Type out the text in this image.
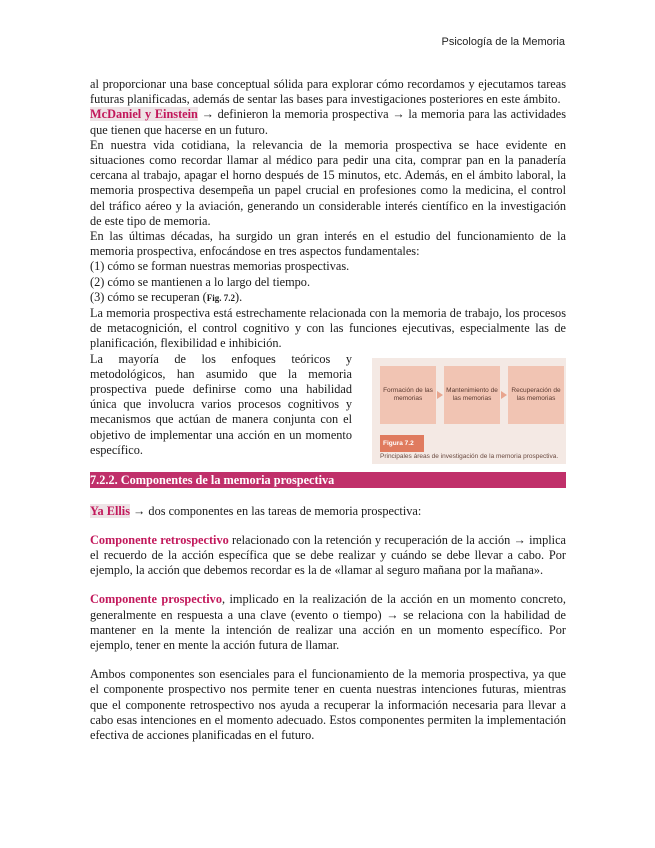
Psicología de la Memoria

al proporcionar una base conceptual sólida para explorar cómo recordamos y ejecutamos tareas futuras planificadas, además de sentar las bases para investigaciones posteriores en este ámbito.

McDaniel y Einstein → definieron la memoria prospectiva → la memoria para las actividades que tienen que hacerse en un futuro.

En nuestra vida cotidiana, la relevancia de la memoria prospectiva se hace evidente en situaciones como recordar llamar al médico para pedir una cita, comprar pan en la panadería cercana al trabajo, apagar el horno después de 15 minutos, etc. Además, en el ámbito laboral, la memoria prospectiva desempeña un papel crucial en profesiones como la medicina, el control del tráfico aéreo y la aviación, generando un considerable interés científico en la investigación de este tipo de memoria.

En las últimas décadas, ha surgido un gran interés en el estudio del funcionamiento de la memoria prospectiva, enfocándose en tres aspectos fundamentales:

(1) cómo se forman nuestras memorias prospectivas.

(2) cómo se mantienen a lo largo del tiempo.

(3) cómo se recuperan (Fig. 7.2).

La memoria prospectiva está estrechamente relacionada con la memoria de trabajo, los procesos de metacognición, el control cognitivo y con las funciones ejecutivas, especialmente las de planificación, flexibilidad e inhibición.

La mayoría de los enfoques teóricos y metodológicos, han asumido que la memoria prospectiva puede definirse como una habilidad única que involucra varios procesos cognitivos y mecanismos que actúan de manera conjunta con el objetivo de implementar una acción en un momento específico.

Formación de las memorias
Mantenimiento de las memorias
Recuperación de las memorias
Figura 7.2
Principales áreas de investigación de la memoria prospectiva.
7.2.2. Componentes de la memoria prospectiva

Ya Ellis → dos componentes en las tareas de memoria prospectiva:

Componente retrospectivo relacionado con la retención y recuperación de la acción → implica el recuerdo de la acción específica que se debe realizar y cuándo se debe llevar a cabo. Por ejemplo, la acción que debemos recordar es la de «llamar al seguro mañana por la mañana».

Componente prospectivo, implicado en la realización de la acción en un momento concreto, generalmente en respuesta a una clave (evento o tiempo) → se relaciona con la habilidad de mantener en la mente la intención de realizar una acción en un momento específico. Por ejemplo, tener en mente la acción futura de llamar.

Ambos componentes son esenciales para el funcionamiento de la memoria prospectiva, ya que el componente prospectivo nos permite tener en cuenta nuestras intenciones futuras, mientras que el componente retrospectivo nos ayuda a recuperar la información necesaria para llevar a cabo esas intenciones en el momento adecuado. Estos componentes permiten la implementación efectiva de acciones planificadas en el futuro.
